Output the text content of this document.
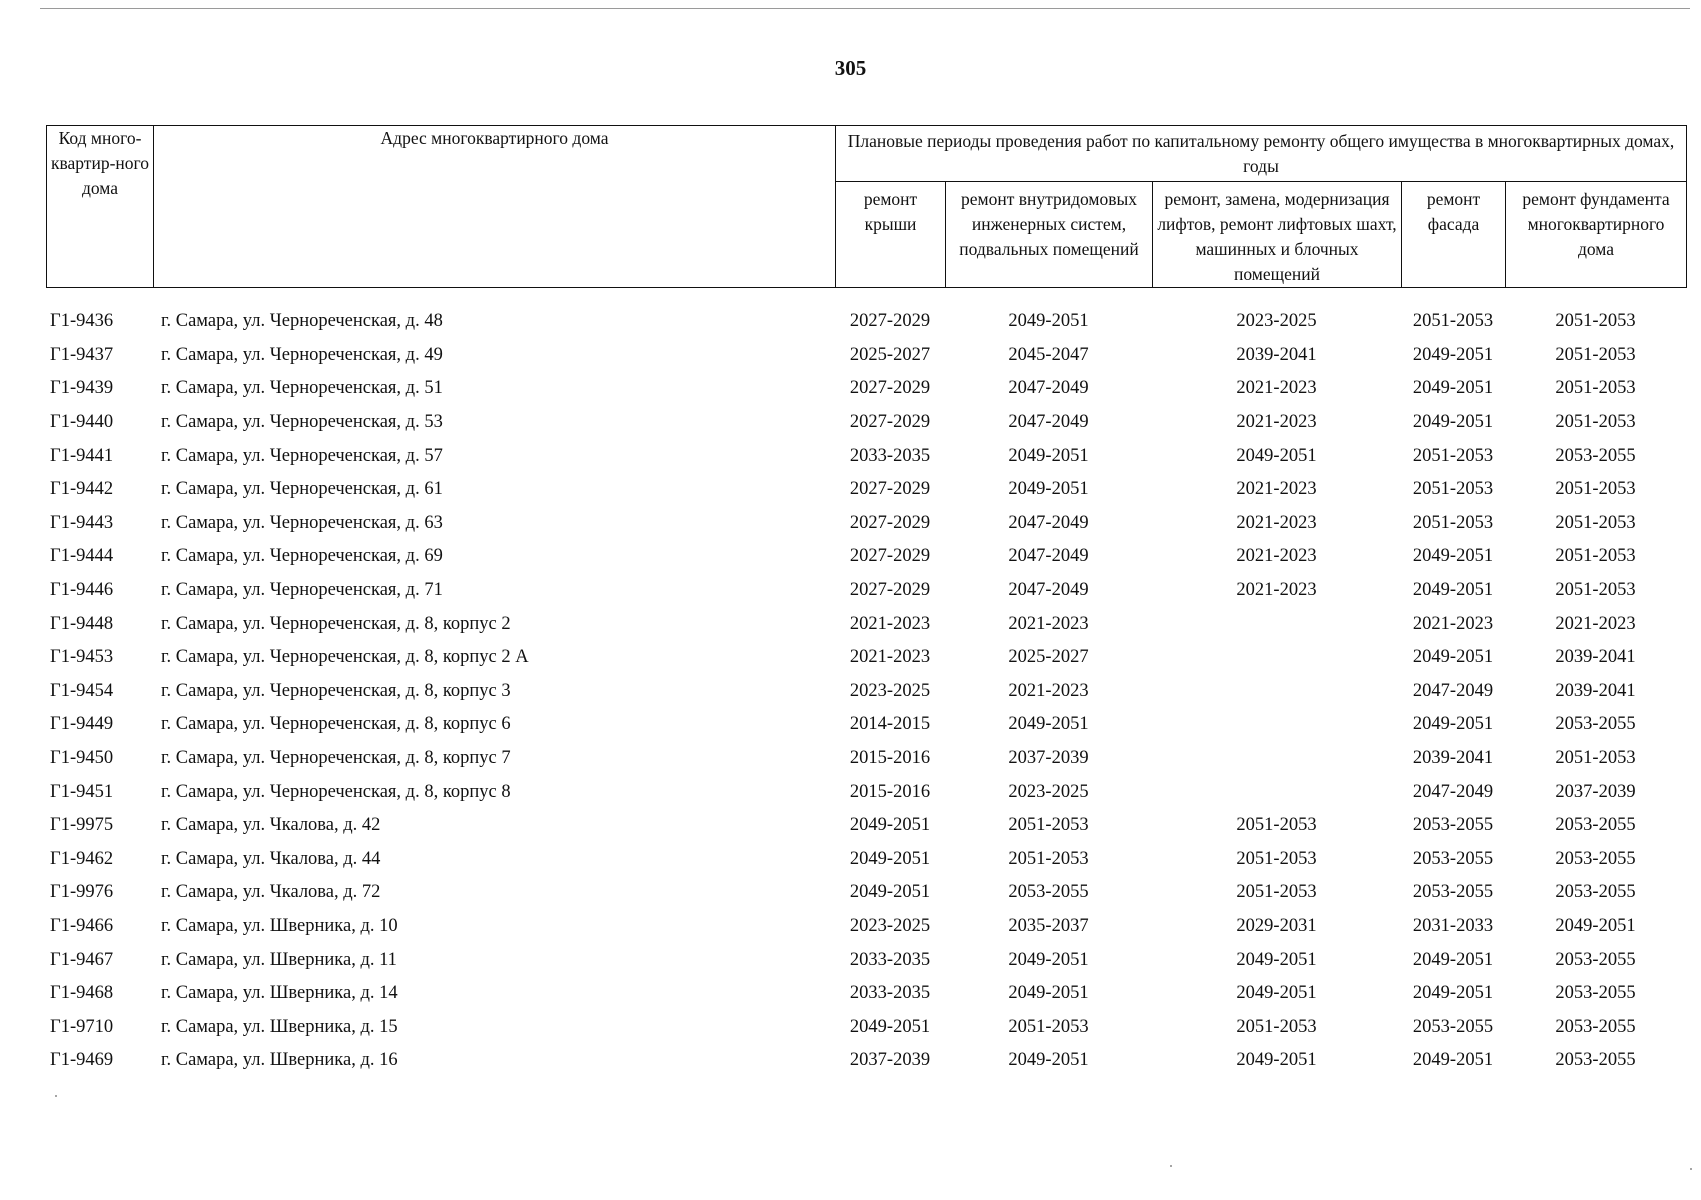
305
Код много-квартир-ного дома	Адрес многоквартирного дома	Плановые периоды проведения работ по капитальному ремонту общего имущества в многоквартирных домах, годы				
		ремонт крыши	ремонт внутридомовых инженерных систем, подвальных помещений	ремонт, замена, модернизация лифтов, ремонт лифтовых шахт, машинных и блочных помещений	ремонт фасада	ремонт фундамента многоквартирного дома
Г1-9436	г. Самара, ул. Чернореченская, д. 48	2027-2029	2049-2051	2023-2025	2051-2053	2051-2053
Г1-9437	г. Самара, ул. Чернореченская, д. 49	2025-2027	2045-2047	2039-2041	2049-2051	2051-2053
Г1-9439	г. Самара, ул. Чернореченская, д. 51	2027-2029	2047-2049	2021-2023	2049-2051	2051-2053
Г1-9440	г. Самара, ул. Чернореченская, д. 53	2027-2029	2047-2049	2021-2023	2049-2051	2051-2053
Г1-9441	г. Самара, ул. Чернореченская, д. 57	2033-2035	2049-2051	2049-2051	2051-2053	2053-2055
Г1-9442	г. Самара, ул. Чернореченская, д. 61	2027-2029	2049-2051	2021-2023	2051-2053	2051-2053
Г1-9443	г. Самара, ул. Чернореченская, д. 63	2027-2029	2047-2049	2021-2023	2051-2053	2051-2053
Г1-9444	г. Самара, ул. Чернореченская, д. 69	2027-2029	2047-2049	2021-2023	2049-2051	2051-2053
Г1-9446	г. Самара, ул. Чернореченская, д. 71	2027-2029	2047-2049	2021-2023	2049-2051	2051-2053
Г1-9448	г. Самара, ул. Чернореченская, д. 8, корпус 2	2021-2023	2021-2023		2021-2023	2021-2023
Г1-9453	г. Самара, ул. Чернореченская, д. 8, корпус 2 А	2021-2023	2025-2027		2049-2051	2039-2041
Г1-9454	г. Самара, ул. Чернореченская, д. 8, корпус 3	2023-2025	2021-2023		2047-2049	2039-2041
Г1-9449	г. Самара, ул. Чернореченская, д. 8, корпус 6	2014-2015	2049-2051		2049-2051	2053-2055
Г1-9450	г. Самара, ул. Чернореченская, д. 8, корпус 7	2015-2016	2037-2039		2039-2041	2051-2053
Г1-9451	г. Самара, ул. Чернореченская, д. 8, корпус 8	2015-2016	2023-2025		2047-2049	2037-2039
Г1-9975	г. Самара, ул. Чкалова, д. 42	2049-2051	2051-2053	2051-2053	2053-2055	2053-2055
Г1-9462	г. Самара, ул. Чкалова, д. 44	2049-2051	2051-2053	2051-2053	2053-2055	2053-2055
Г1-9976	г. Самара, ул. Чкалова, д. 72	2049-2051	2053-2055	2051-2053	2053-2055	2053-2055
Г1-9466	г. Самара, ул. Шверника, д. 10	2023-2025	2035-2037	2029-2031	2031-2033	2049-2051
Г1-9467	г. Самара, ул. Шверника, д. 11	2033-2035	2049-2051	2049-2051	2049-2051	2053-2055
Г1-9468	г. Самара, ул. Шверника, д. 14	2033-2035	2049-2051	2049-2051	2049-2051	2053-2055
Г1-9710	г. Самара, ул. Шверника, д. 15	2049-2051	2051-2053	2051-2053	2053-2055	2053-2055
Г1-9469	г. Самара, ул. Шверника, д. 16	2037-2039	2049-2051	2049-2051	2049-2051	2053-2055
